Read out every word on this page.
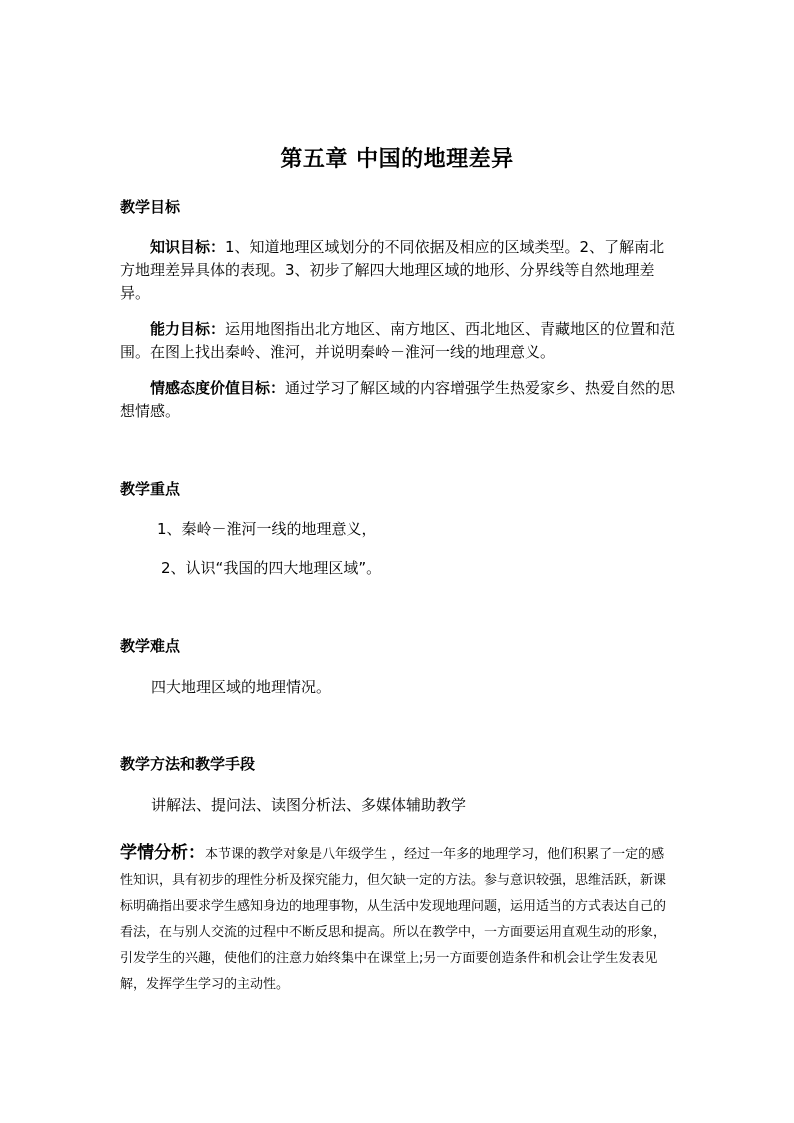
第五章 中国的地理差异
教学目标
知识目标：1、知道地理区域划分的不同依据及相应的区域类型。2、了解南北方地理差异具体的表现。3、初步了解四大地理区域的地形、分界线等自然地理差异。
能力目标：运用地图指出北方地区、南方地区、西北地区、青藏地区的位置和范围。在图上找出秦岭、淮河，并说明秦岭－淮河一线的地理意义。
情感态度价值目标：通过学习了解区域的内容增强学生热爱家乡、热爱自然的思想情感。
教学重点
1、秦岭－淮河一线的地理意义，
2、认识“我国的四大地理区域”。
教学难点
四大地理区域的地理情况。
教学方法和教学手段
讲解法、提问法、读图分析法、多媒体辅助教学
学情分析：本节课的教学对象是八年级学生 ，经过一年多的地理学习，他们积累了一定的感性知识，具有初步的理性分析及探究能力，但欠缺一定的方法。参与意识较强，思维活跃，新课标明确指出要求学生感知身边的地理事物，从生活中发现地理问题，运用适当的方式表达自己的看法，在与别人交流的过程中不断反思和提高。所以在教学中，一方面要运用直观生动的形象，引发学生的兴趣，使他们的注意力始终集中在课堂上;另一方面要创造条件和机会让学生发表见解，发挥学生学习的主动性。
